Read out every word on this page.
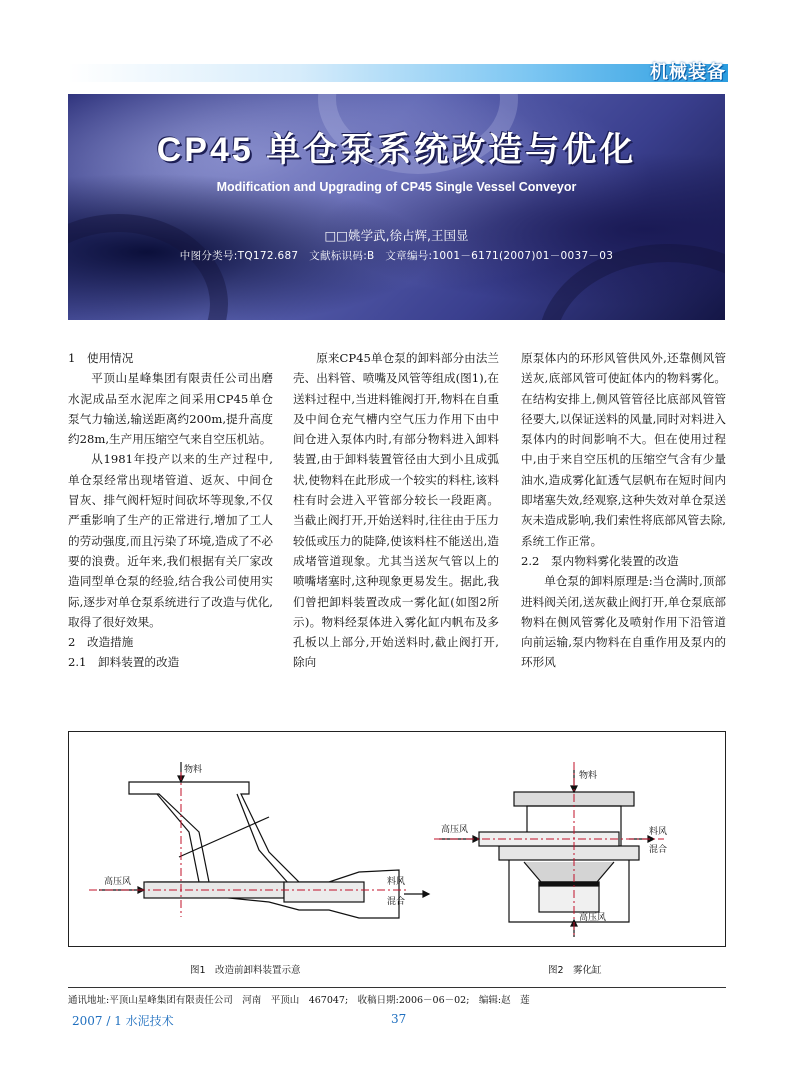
机械装备
CP45 单仓泵系统改造与优化
Modification and Upgrading of CP45 Single Vessel Conveyor
□□姚学武,徐占辉,王国显
中图分类号:TQ172.687　文献标识码:B　文章编号:1001－6171(2007)01－0037－03

1　使用情况

平顶山星峰集团有限责任公司出磨水泥成品至水泥库之间采用CP45单仓泵气力输送,输送距离约200m,提升高度约28m,生产用压缩空气来自空压机站。

从1981年投产以来的生产过程中,单仓泵经常出现堵管道、返灰、中间仓冒灰、排气阀杆短时间砍坏等现象,不仅严重影响了生产的正常进行,增加了工人的劳动强度,而且污染了环境,造成了不必要的浪费。近年来,我们根据有关厂家改造同型单仓泵的经验,结合我公司使用实际,逐步对单仓泵系统进行了改造与优化,取得了很好效果。

2　改造措施

2.1　卸料装置的改造

原来CP45单仓泵的卸料部分由法兰壳、出料管、喷嘴及风管等组成(图1),在送料过程中,当进料锥阀打开,物料在自重及中间仓充气槽内空气压力作用下由中间仓进入泵体内时,有部分物料进入卸料装置,由于卸料装置管径由大到小且成弧状,使物料在此形成一个较实的料柱,该料柱有时会进入平管部分较长一段距离。当截止阀打开,开始送料时,往往由于压力较低或压力的陡降,使该料柱不能送出,造成堵管道现象。尤其当送灰气管以上的喷嘴堵塞时,这种现象更易发生。据此,我们曾把卸料装置改成一雾化缸(如图2所示)。物料经泵体进入雾化缸内帆布及多孔板以上部分,开始送料时,截止阀打开,除向

原泵体内的环形风管供风外,还靠侧风管送灰,底部风管可使缸体内的物料雾化。在结构安排上,侧风管管径比底部风管管径要大,以保证送料的风量,同时对料进入泵体内的时间影响不大。但在使用过程中,由于来自空压机的压缩空气含有少量油水,造成雾化缸透气层帆布在短时间内即堵塞失效,经观察,这种失效对单仓泵送灰未造成影响,我们索性将底部风管去除,系统工作正常。

2.2　泵内物料雾化装置的改造

单仓泵的卸料原理是:当仓满时,顶部进料阀关闭,送灰截止阀打开,单仓泵底部物料在侧风管雾化及喷射作用下沿管道向前运输,泵内物料在自重作用及泵内的环形风

物料
高压风	料风
混合
物料
高压风	料风
混合
高压风
图1　改造前卸料装置示意	图2　雾化缸
通讯地址:平顶山星峰集团有限责任公司　河南　平顶山　467047;　收稿日期:2006－06－02;　编辑:赵　莲
2007 / 1 水泥技术	37
